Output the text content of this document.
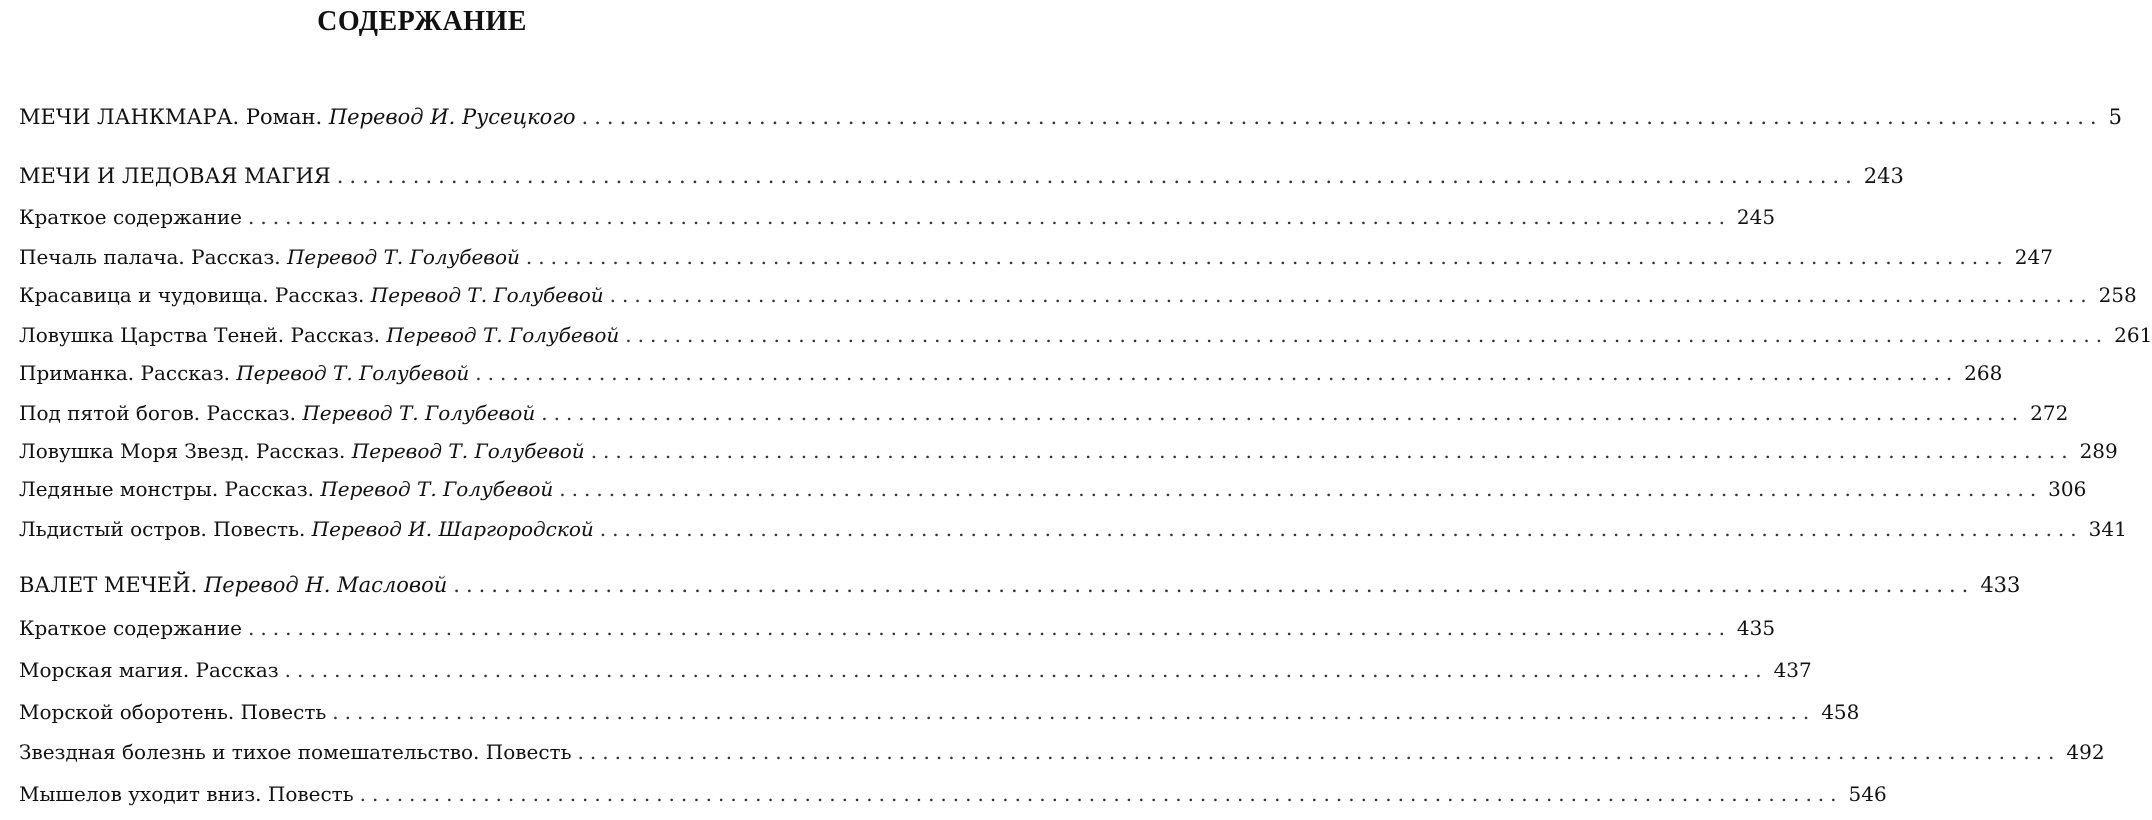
СОДЕРЖАНИЕ
МЕЧИ ЛАНКМАРА. Роман. Перевод И. Русецкого ........................................................................................................................ 5
МЕЧИ И ЛЕДОВАЯ МАГИЯ ........................................................................................................................ 243
Краткое содержание ........................................................................................................................ 245
Печаль палача. Рассказ. Перевод Т. Голубевой ........................................................................................................................ 247
Красавица и чудовища. Рассказ. Перевод Т. Голубевой ........................................................................................................................ 258
Ловушка Царства Теней. Рассказ. Перевод Т. Голубевой ........................................................................................................................ 261
Приманка. Рассказ. Перевод Т. Голубевой ........................................................................................................................ 268
Под пятой богов. Рассказ. Перевод Т. Голубевой ........................................................................................................................ 272
Ловушка Моря Звезд. Рассказ. Перевод Т. Голубевой ........................................................................................................................ 289
Ледяные монстры. Рассказ. Перевод Т. Голубевой ........................................................................................................................ 306
Льдистый остров. Повесть. Перевод И. Шаргородской ........................................................................................................................ 341
ВАЛЕТ МЕЧЕЙ. Перевод Н. Масловой ........................................................................................................................ 433
Краткое содержание ........................................................................................................................ 435
Морская магия. Рассказ ........................................................................................................................ 437
Морской оборотень. Повесть ........................................................................................................................ 458
Звездная болезнь и тихое помешательство. Повесть ........................................................................................................................ 492
Мышелов уходит вниз. Повесть ........................................................................................................................ 546
